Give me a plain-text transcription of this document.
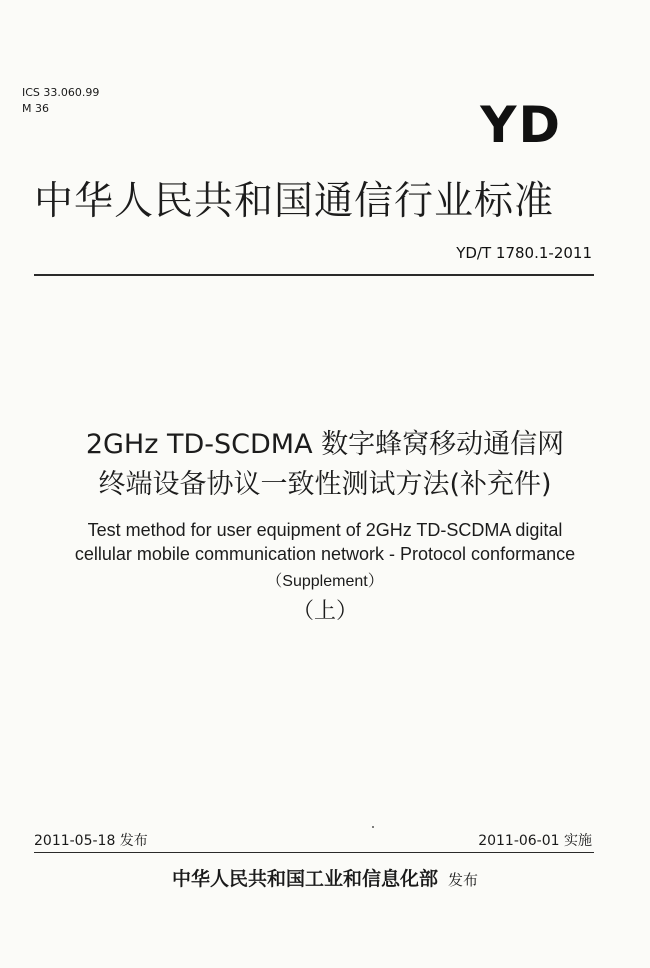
ICS 33.060.99
M 36	YD
中华人民共和国通信行业标准
YD/T 1780.1-2011
2GHz TD-SCDMA 数字蜂窝移动通信网
终端设备协议一致性测试方法(补充件)
Test method for user equipment of 2GHz TD-SCDMA digital
cellular mobile communication network - Protocol conformance
（Supplement）
（上）
2011-05-18 发布	2011-06-01 实施
中华人民共和国工业和信息化部 发布
